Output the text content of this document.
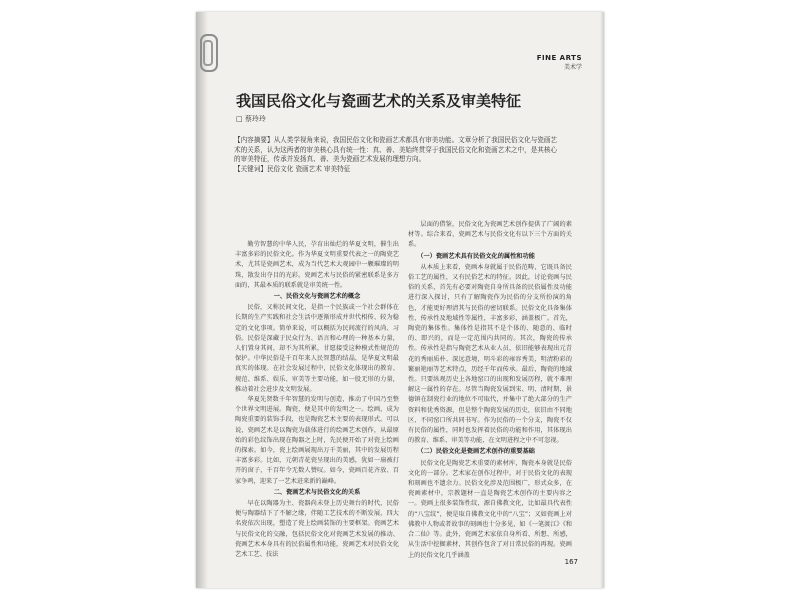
FINE ARTS
美术学
我国民俗文化与瓷画艺术的关系及审美特征
□ 蔡玲玲
【内容摘要】从人类学视角来说，我国民俗文化和瓷画艺术都具有审美功能。文章分析了我国民俗文化与瓷画艺术的关系，认为这两者的审美核心具有统一性：真、善、美始终贯穿于我国民俗文化和瓷画艺术之中，是其核心的审美特征，传承并发扬真、善、美为瓷画艺术发展的理想方向。
【关键词】民俗文化 瓷画艺术 审美特征

勤劳智慧的中华人民，孕育出灿烂的华夏文明，催生出丰富多彩的民俗文化。作为华夏文明重要代表之一的陶瓷艺术，尤其是瓷画艺术，成为当代艺术大观园中一颗璀璨的明珠，散发出夺目的光彩。瓷画艺术与民俗的紧密联系是多方面的，其最本质的联系就是审美统一性。

一、民俗文化与瓷画艺术的概念

民俗，又称民间文化，是指一个民族或一个社会群体在长期的生产实践和社会生活中逐渐形成并世代相传、较为稳定的文化事项。简单来说，可以概括为民间流行的风尚、习俗。民俗是深藏于民众行为、语言和心理的一种基本力量，人们置身其间，却不为其所累，甘愿接受这种模式性规范的保护。中华民俗是千百年来人民智慧的结晶，是华夏文明最真实的体现。在社会发展过程中，民俗文化体现出的教育、规范、维系、娱乐、审美等主要功能，如一股无形的力量，推动着社会进步及文明发展。

华夏先贤数千年智慧的发明与创造，推动了中国乃至整个世界文明进展。陶瓷，便是其中的发明之一。绘画，成为陶瓷重要的装饰手段，也是陶瓷艺术主要的表现形式。可以说，瓷画艺术是以陶瓷为载体进行的绘画艺术创作，从最原始的彩色纹饰出现在陶器之上时，先民便开始了对瓷上绘画的探索。如今，瓷上绘画展现出万千美丽，其中的发展历程丰富多彩。比如，元朝青花瓷呈现出的美感，犹如一扇被打开的窗子，千百年令无数人赞叹。如今，瓷画百花齐放、百家争鸣，迎来了一艺术迸来新的巅峰。

二、瓷画艺术与民俗文化的关系

早在以陶器为主、瓷器尚未登上历史舞台的时代，民俗便与陶器结下了不解之缘，伴随工艺技术的不断发展，四大名瓷依次出现，塑造了瓷上绘画装饰的主要框架。瓷画艺术与民俗文化的交融，包括民俗文化对瓷画艺术发展的推动、瓷画艺术本身具有的民俗属性和功能，瓷画艺术对民俗文化艺术工艺、技法

层面的借鉴，民俗文化为瓷画艺术创作提供了广阔的素材等。综合来看，瓷画艺术与民俗文化有以下三个方面的关系。

（一）瓷画艺术具有民俗文化的属性和功能

从本质上来看，瓷画本身就属于民俗范畴，它既具备民俗工艺的属性，又有民俗艺术的特征。因此，讨论瓷画与民俗的关系，首先有必要对陶瓷自身所具备的民俗属性及功能进行深入探讨，只有了解陶瓷作为民俗的分支所扮演的角色，才能更好理清其与民俗的密切联系。民俗文化具备集体性、传承性及地域性等属性，丰富多彩，涵盖极广。首先，陶瓷的集体性。集体性是指其不是个体的、随意的、临时的、即兴的，而是一定范围内共同的。其次，陶瓷的传承性。传承性是指与陶瓷艺术从业人员，依旧能够表现出元青花的秀丽质朴、深远意境，明斗彩的雍容秀美，明清粉彩的繁丽艳丽等艺术特点，历经千年而传承。最后，陶瓷的地域性。只要纵观历史上各地窑口的出现和发展历程，就不难理解这一属性的存在。尽管当陶瓷发展到宋、明、清时期，景德镇在制瓷行业的地位不可取代，并集中了绝大部分的生产资料和优秀资源，但是整个陶瓷发展的历史，依旧由不同地区、不同窑口所共同书写。作为民俗的一个分支，陶瓷不仅有民俗的属性，同时也发挥着民俗的功能和作用，其体现出的教育、维系、审美等功能，在文明进程之中不可忽视。

（二）民俗文化是瓷画艺术创作的重要基础

民俗文化是陶瓷艺术重要的素材库，陶瓷本身就是民俗文化的一部分。艺术家在创作过程中，对于民俗文化的表现和刻画也不遗余力。民俗文化涉及范围极广，形式众多，在瓷画素材中，宗教题材一直是陶瓷艺术创作的主要内容之一。瓷画上很多装饰性纹，源自佛教文化，比如最具代表性的“八宝纹”，便是取自佛教文化中的“八宝”；又如瓷画上对佛教中人物或者故事的刻画也十分多见，如《一笔渡江》《和合二仙》等。此外，瓷画艺术家依自身所看、所想、所感，从生活中挖掘素材，其创作包含了对日常民俗的再现。瓷画上的民俗文化几乎涵盖

167
